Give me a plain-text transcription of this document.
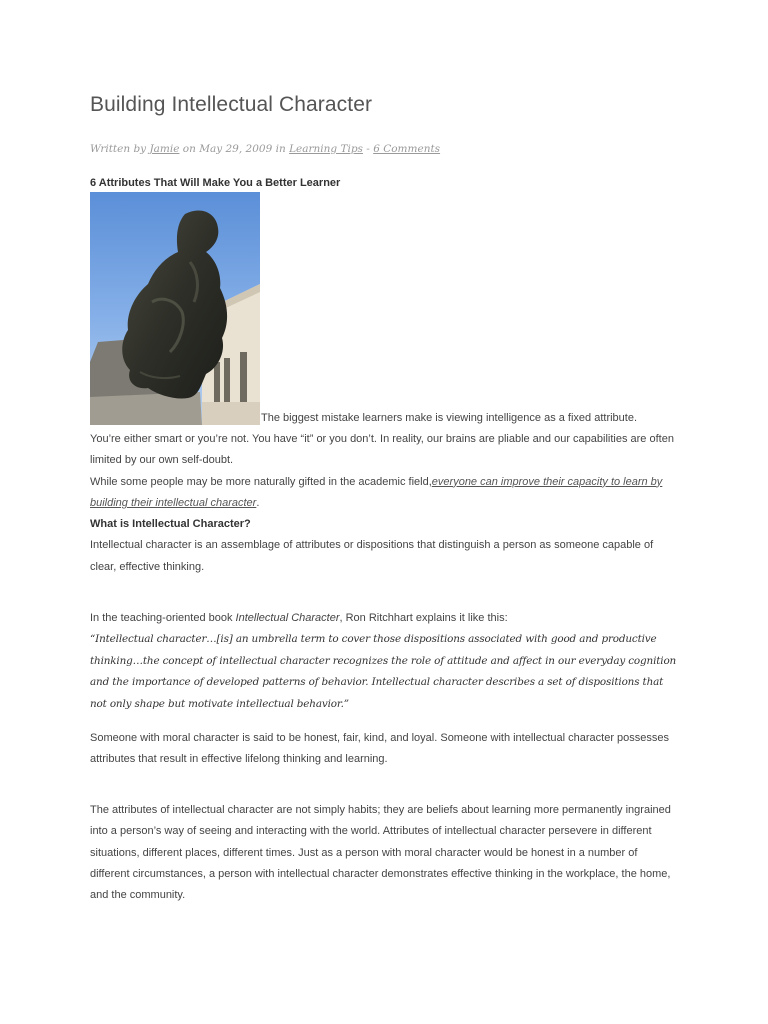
Building Intellectual Character
Written by Jamie on May 29, 2009 in Learning Tips - 6 Comments
6 Attributes That Will Make You a Better Learner
The biggest mistake learners make is viewing intelligence as a fixed attribute.

You’re either smart or you’re not. You have “it” or you don’t. In reality, our brains are pliable and our capabilities are often limited by our own self-doubt.

While some people may be more naturally gifted in the academic field,everyone can improve their capacity to learn by building their intellectual character.

What is Intellectual Character?

Intellectual character is an assemblage of attributes or dispositions that distinguish a person as someone capable of clear, effective thinking.

In the teaching-oriented book Intellectual Character, Ron Ritchhart explains it like this:

“Intellectual character…[is] an umbrella term to cover those dispositions associated with good and productive thinking…the concept of intellectual character recognizes the role of attitude and affect in our everyday cognition and the importance of developed patterns of behavior. Intellectual character describes a set of dispositions that not only shape but motivate intellectual behavior.”

Someone with moral character is said to be honest, fair, kind, and loyal. Someone with intellectual character possesses attributes that result in effective lifelong thinking and learning.

The attributes of intellectual character are not simply habits; they are beliefs about learning more permanently ingrained into a person’s way of seeing and interacting with the world. Attributes of intellectual character persevere in different situations, different places, different times. Just as a person with moral character would be honest in a number of different circumstances, a person with intellectual character demonstrates effective thinking in the workplace, the home, and the community.
